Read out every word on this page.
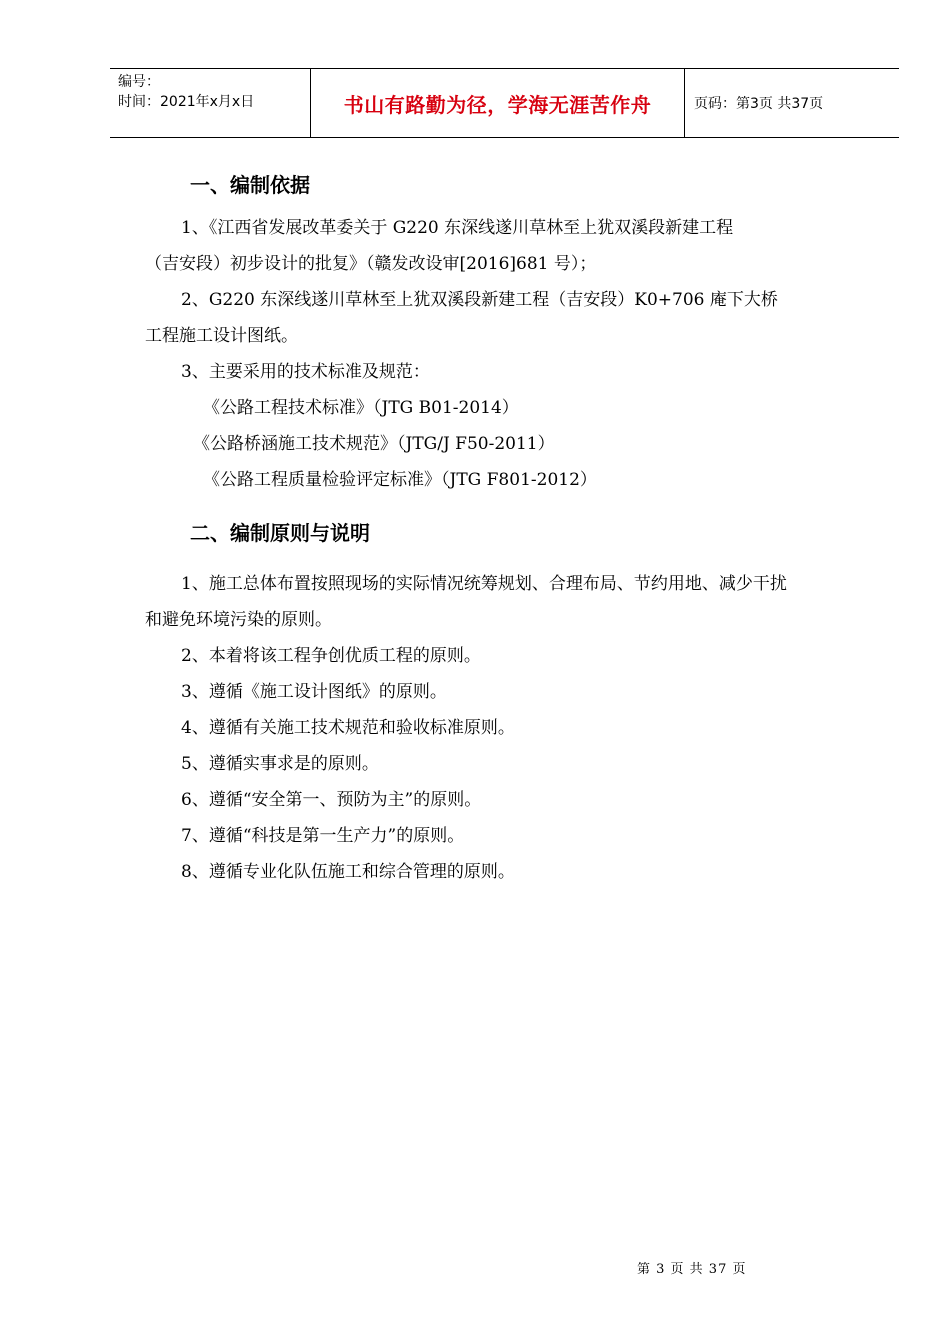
编号：
时间：2021年x月x日	书山有路勤为径，学海无涯苦作舟	页码：第3页 共37页
一、编制依据

1、《江西省发展改革委关于 G220 东深线遂川草林至上犹双溪段新建工程

（吉安段）初步设计的批复》（赣发改设审[2016]681 号）；

2、G220 东深线遂川草林至上犹双溪段新建工程（吉安段）K0+706 庵下大桥

工程施工设计图纸。

3、主要采用的技术标准及规范：

《公路工程技术标准》（JTG B01-2014）

《公路桥涵施工技术规范》（JTG/J F50-2011）

《公路工程质量检验评定标准》（JTG F801-2012）

二、编制原则与说明

1、施工总体布置按照现场的实际情况统筹规划、合理布局、节约用地、减少干扰

和避免环境污染的原则。

2、本着将该工程争创优质工程的原则。

3、遵循《施工设计图纸》的原则。

4、遵循有关施工技术规范和验收标准原则。

5、遵循实事求是的原则。

6、遵循“安全第一、预防为主”的原则。

7、遵循“科技是第一生产力”的原则。

8、遵循专业化队伍施工和综合管理的原则。

第 3 页 共 37 页
